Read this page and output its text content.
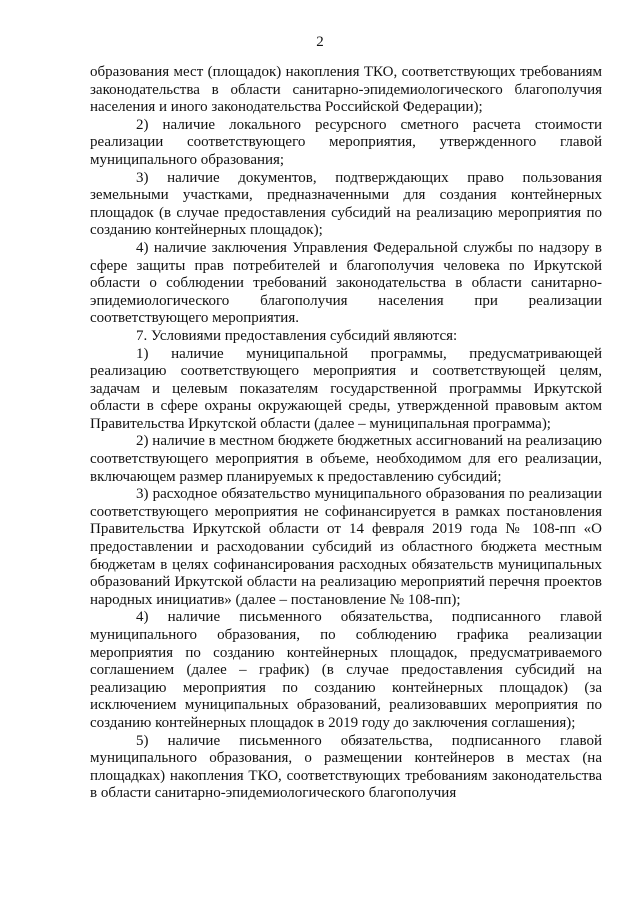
2

образования мест (площадок) накопления ТКО, соответствующих требованиям законодательства в области санитарно-эпидемиологического благополучия населения и иного законодательства Российской Федерации);

2) наличие локального ресурсного сметного расчета стоимости реализации соответствующего мероприятия, утвержденного главой муниципального образования;

3) наличие документов, подтверждающих право пользования земельными участками, предназначенными для создания контейнерных площадок (в случае предоставления субсидий на реализацию мероприятия по созданию контейнерных площадок);

4) наличие заключения Управления Федеральной службы по надзору в сфере защиты прав потребителей и благополучия человека по Иркутской области о соблюдении требований законодательства в области санитарно-эпидемиологического благополучия населения при реализации соответствующего мероприятия.

7. Условиями предоставления субсидий являются:

1) наличие муниципальной программы, предусматривающей реализацию соответствующего мероприятия и соответствующей целям, задачам и целевым показателям государственной программы Иркутской области в сфере охраны окружающей среды, утвержденной правовым актом Правительства Иркутской области (далее – муниципальная программа);

2) наличие в местном бюджете бюджетных ассигнований на реализацию соответствующего мероприятия в объеме, необходимом для его реализации, включающем размер планируемых к предоставлению субсидий;

3) расходное обязательство муниципального образования по реализации соответствующего мероприятия не софинансируется в рамках постановления Правительства Иркутской области от 14 февраля 2019 года № 108-пп «О предоставлении и расходовании субсидий из областного бюджета местным бюджетам в целях софинансирования расходных обязательств муниципальных образований Иркутской области на реализацию мероприятий перечня проектов народных инициатив» (далее – постановление № 108-пп);

4) наличие письменного обязательства, подписанного главой муниципального образования, по соблюдению графика реализации мероприятия по созданию контейнерных площадок, предусматриваемого соглашением (далее – график) (в случае предоставления субсидий на реализацию мероприятия по созданию контейнерных площадок) (за исключением муниципальных образований, реализовавших мероприятия по созданию контейнерных площадок в 2019 году до заключения соглашения);

5) наличие письменного обязательства, подписанного главой муниципального образования, о размещении контейнеров в местах (на площадках) накопления ТКО, соответствующих требованиям законодательства в области санитарно-эпидемиологического благополучия
